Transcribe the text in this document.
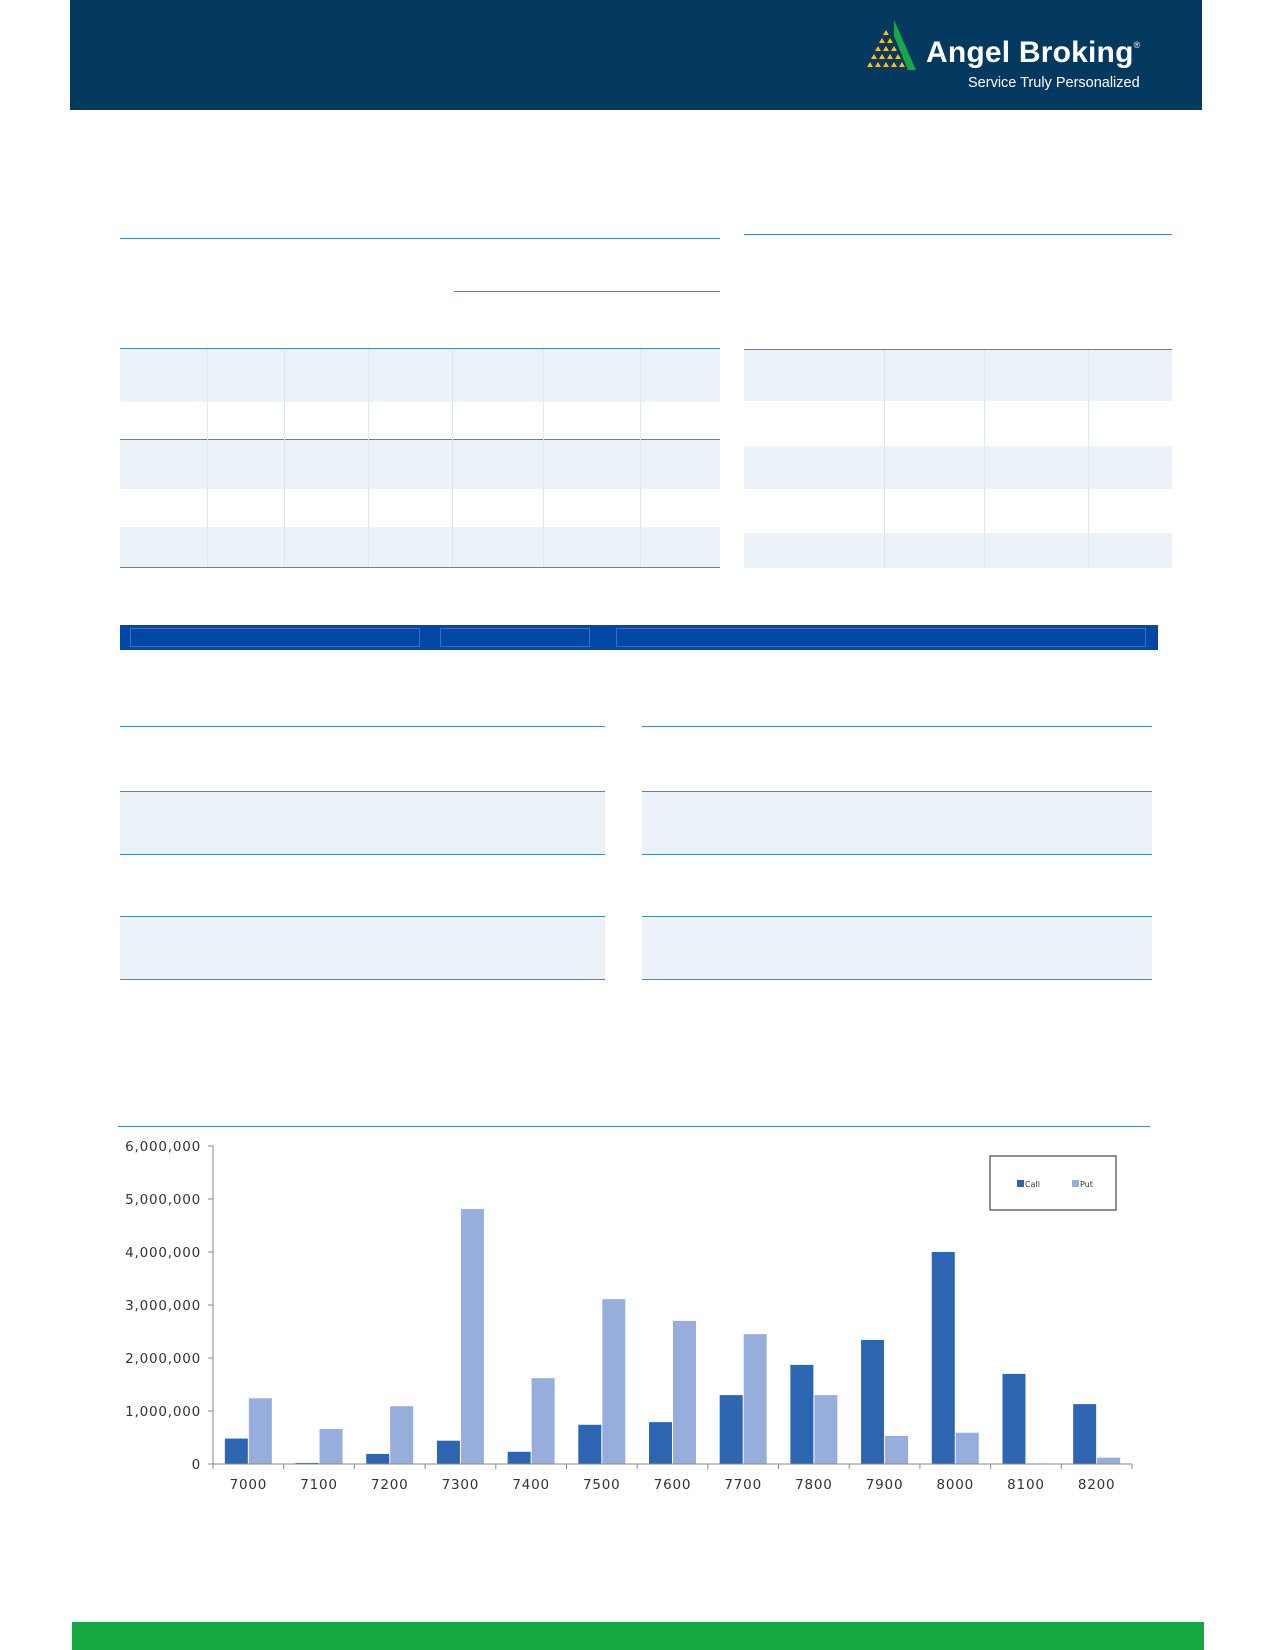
Angel Broking®
Service Truly Personalized
0
1,000,000
2,000,000
3,000,000
4,000,000
5,000,000
6,000,000
7000 7100 7200 7300 7400 7500 7600 7700 7800 7900 8000 8100 8200
Call	Put
